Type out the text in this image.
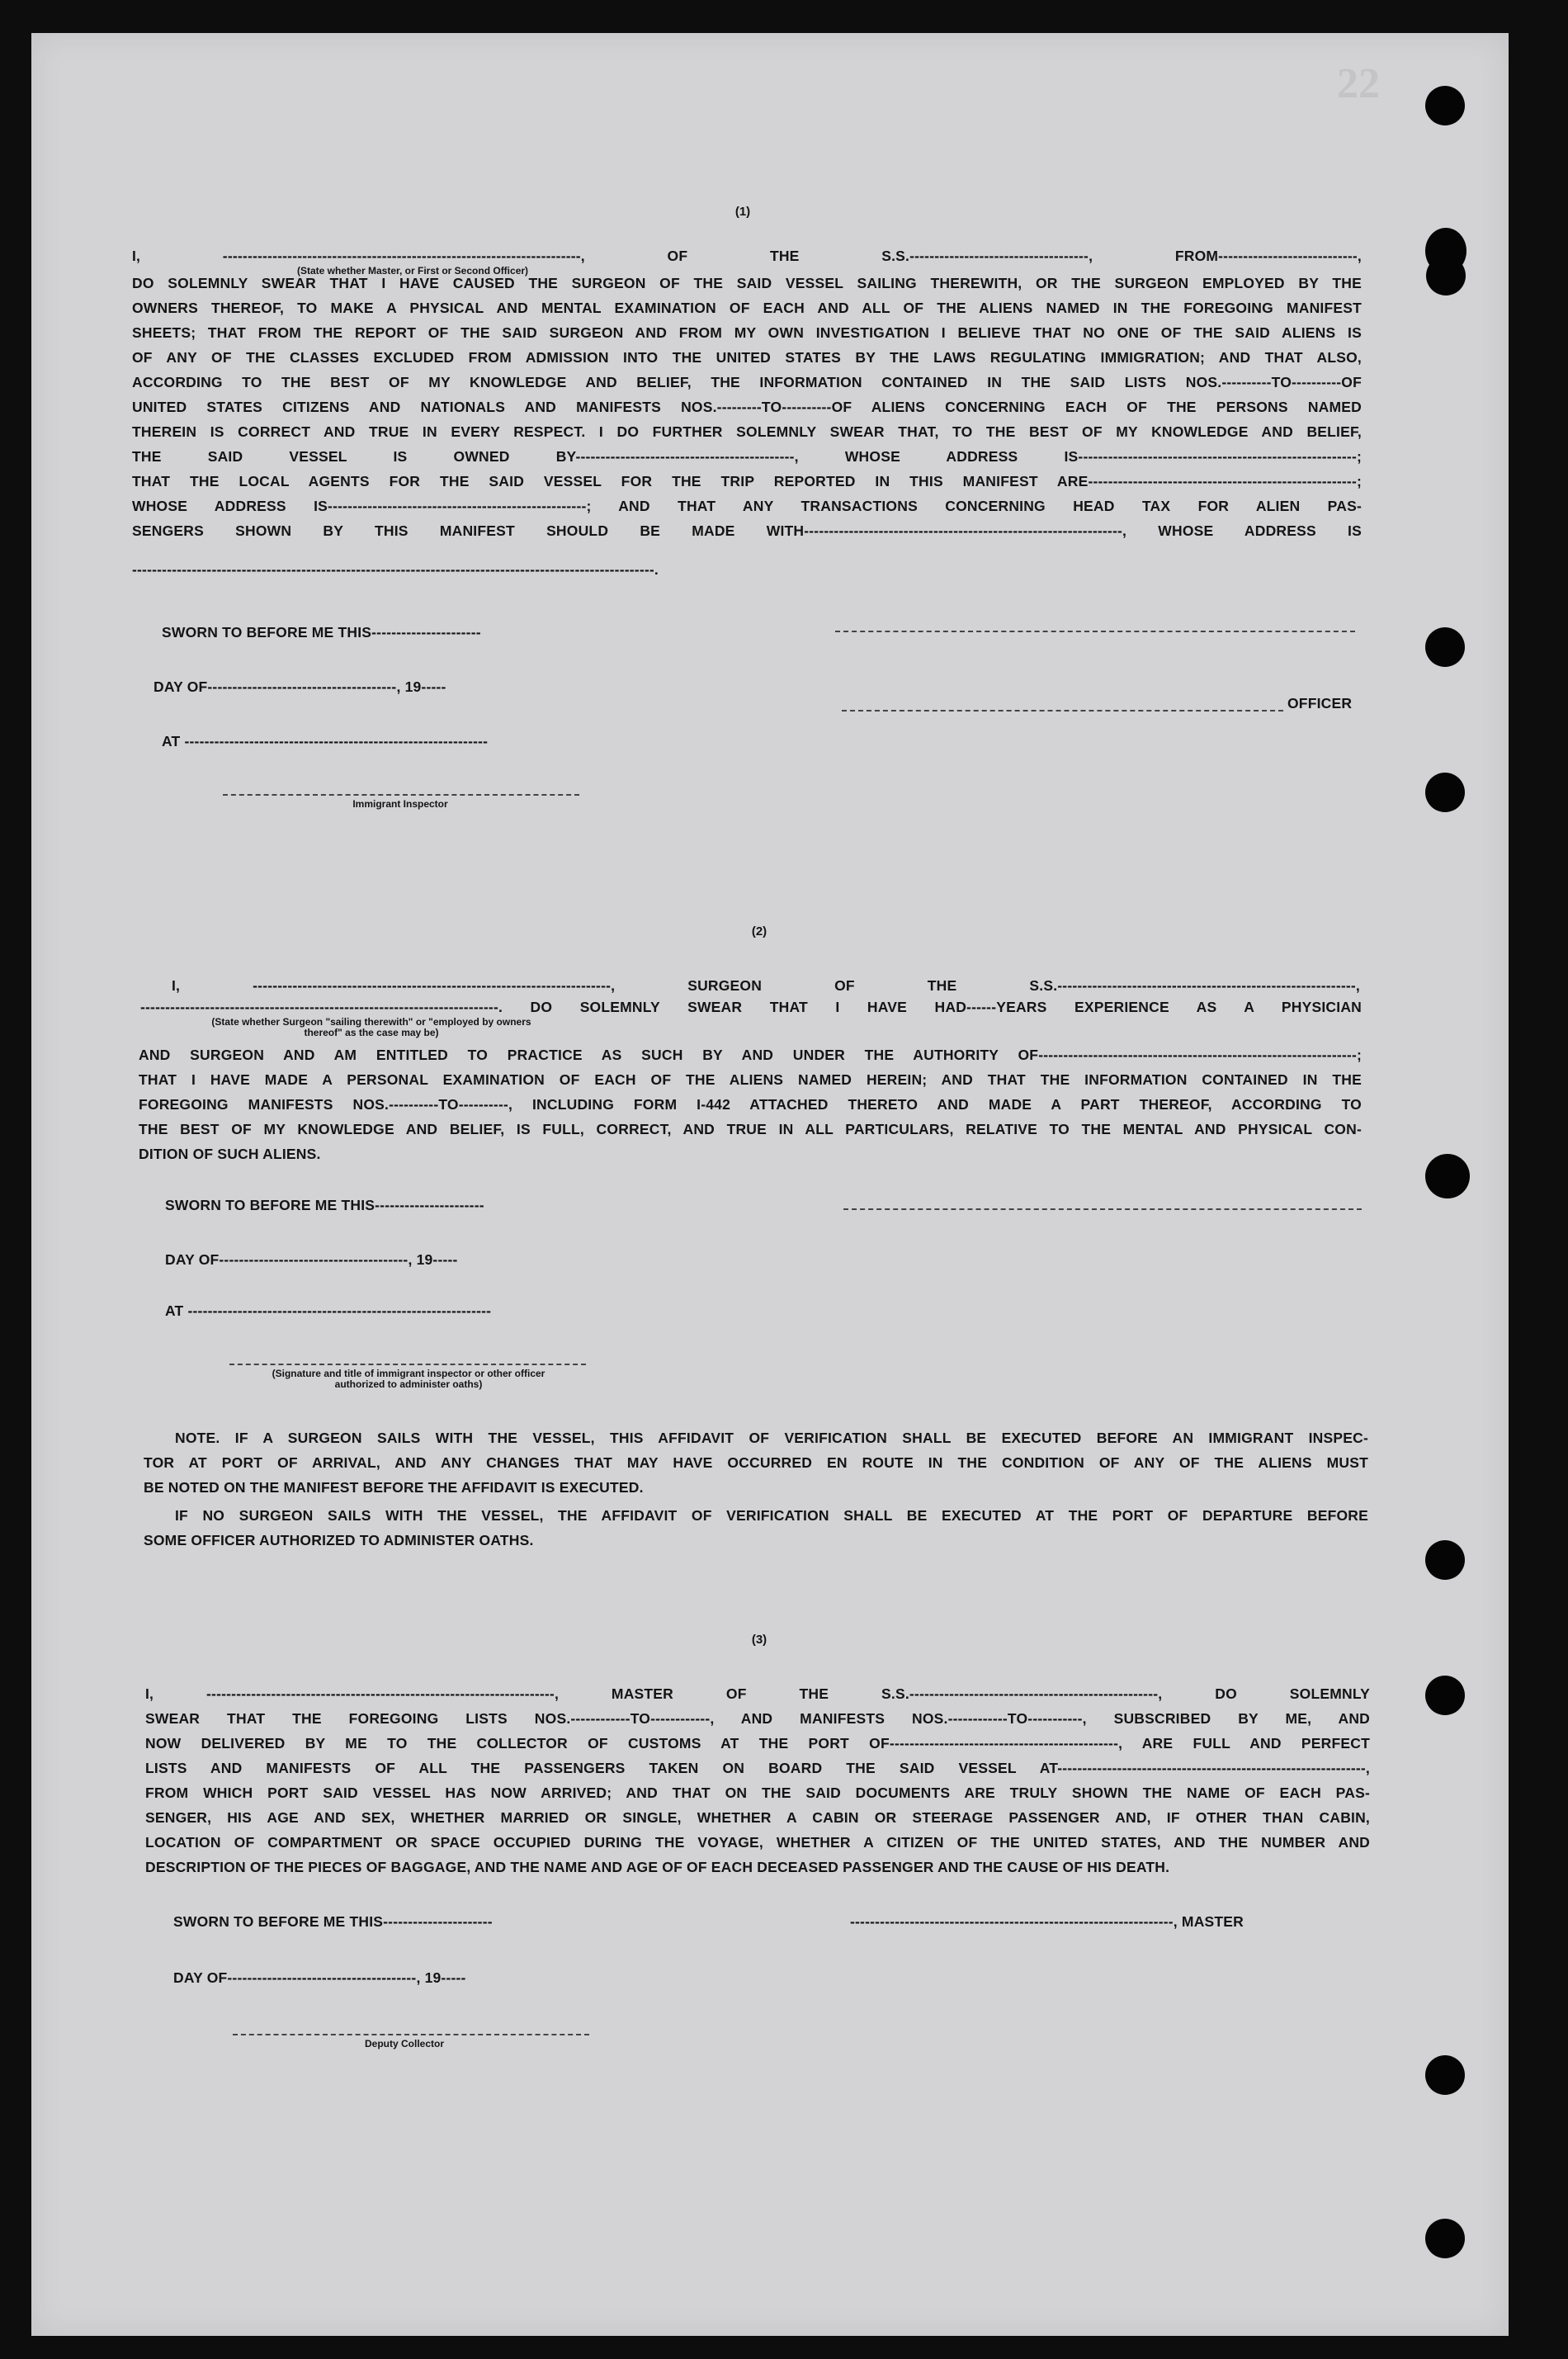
22
(1)
I, ------------------------------------------------------------------------, OF THE S.S.------------------------------------, FROM----------------------------,
(State whether Master, or First or Second Officer)
DO SOLEMNLY SWEAR THAT I HAVE CAUSED THE SURGEON OF THE SAID VESSEL SAILING THEREWITH, OR THE SURGEON EMPLOYED BY THE
OWNERS THEREOF, TO MAKE A PHYSICAL AND MENTAL EXAMINATION OF EACH AND ALL OF THE ALIENS NAMED IN THE FOREGOING MANIFEST
SHEETS; THAT FROM THE REPORT OF THE SAID SURGEON AND FROM MY OWN INVESTIGATION I BELIEVE THAT NO ONE OF THE SAID ALIENS IS
OF ANY OF THE CLASSES EXCLUDED FROM ADMISSION INTO THE UNITED STATES BY THE LAWS REGULATING IMMIGRATION; AND THAT ALSO,
ACCORDING TO THE BEST OF MY KNOWLEDGE AND BELIEF, THE INFORMATION CONTAINED IN THE SAID LISTS NOS.----------TO----------OF
UNITED STATES CITIZENS AND NATIONALS AND MANIFESTS NOS.---------TO----------OF ALIENS CONCERNING EACH OF THE PERSONS NAMED
THEREIN IS CORRECT AND TRUE IN EVERY RESPECT. I DO FURTHER SOLEMNLY SWEAR THAT, TO THE BEST OF MY KNOWLEDGE AND BELIEF,
THE SAID VESSEL IS OWNED BY--------------------------------------------, WHOSE ADDRESS IS--------------------------------------------------------;
THAT THE LOCAL AGENTS FOR THE SAID VESSEL FOR THE TRIP REPORTED IN THIS MANIFEST ARE------------------------------------------------------;
WHOSE ADDRESS IS----------------------------------------------------; AND THAT ANY TRANSACTIONS CONCERNING HEAD TAX FOR ALIEN PAS-
SENGERS SHOWN BY THIS MANIFEST SHOULD BE MADE WITH----------------------------------------------------------------, WHOSE ADDRESS IS
---------------------------------------------------------------------------------------------------------.
SWORN TO BEFORE ME THIS----------------------
DAY OF--------------------------------------, 19-----
OFFICER
AT -------------------------------------------------------------
Immigrant Inspector
(2)
I, ------------------------------------------------------------------------, SURGEON OF THE S.S.------------------------------------------------------------,
------------------------------------------------------------------------. DO SOLEMNLY SWEAR THAT I HAVE HAD------YEARS EXPERIENCE AS A PHYSICIAN
(State whether Surgeon "sailing therewith" or "employed by owners thereof" as the case may be)
AND SURGEON AND AM ENTITLED TO PRACTICE AS SUCH BY AND UNDER THE AUTHORITY OF----------------------------------------------------------------;
THAT I HAVE MADE A PERSONAL EXAMINATION OF EACH OF THE ALIENS NAMED HEREIN; AND THAT THE INFORMATION CONTAINED IN THE
FOREGOING MANIFESTS NOS.----------TO----------, INCLUDING FORM I-442 ATTACHED THERETO AND MADE A PART THEREOF, ACCORDING TO
THE BEST OF MY KNOWLEDGE AND BELIEF, IS FULL, CORRECT, AND TRUE IN ALL PARTICULARS, RELATIVE TO THE MENTAL AND PHYSICAL CON-
DITION OF SUCH ALIENS.
SWORN TO BEFORE ME THIS----------------------
DAY OF--------------------------------------, 19-----
AT -------------------------------------------------------------
(Signature and title of immigrant inspector or other officer authorized to administer oaths)
NOTE. IF A SURGEON SAILS WITH THE VESSEL, THIS AFFIDAVIT OF VERIFICATION SHALL BE EXECUTED BEFORE AN IMMIGRANT INSPEC-
TOR AT PORT OF ARRIVAL, AND ANY CHANGES THAT MAY HAVE OCCURRED EN ROUTE IN THE CONDITION OF ANY OF THE ALIENS MUST
BE NOTED ON THE MANIFEST BEFORE THE AFFIDAVIT IS EXECUTED.
IF NO SURGEON SAILS WITH THE VESSEL, THE AFFIDAVIT OF VERIFICATION SHALL BE EXECUTED AT THE PORT OF DEPARTURE BEFORE
SOME OFFICER AUTHORIZED TO ADMINISTER OATHS.
(3)
I, ----------------------------------------------------------------------, MASTER OF THE S.S.--------------------------------------------------, DO SOLEMNLY
SWEAR THAT THE FOREGOING LISTS NOS.------------TO------------, AND MANIFESTS NOS.------------TO-----------, SUBSCRIBED BY ME, AND
NOW DELIVERED BY ME TO THE COLLECTOR OF CUSTOMS AT THE PORT OF----------------------------------------------, ARE FULL AND PERFECT
LISTS AND MANIFESTS OF ALL THE PASSENGERS TAKEN ON BOARD THE SAID VESSEL AT--------------------------------------------------------------,
FROM WHICH PORT SAID VESSEL HAS NOW ARRIVED; AND THAT ON THE SAID DOCUMENTS ARE TRULY SHOWN THE NAME OF EACH PAS-
SENGER, HIS AGE AND SEX, WHETHER MARRIED OR SINGLE, WHETHER A CABIN OR STEERAGE PASSENGER AND, IF OTHER THAN CABIN,
LOCATION OF COMPARTMENT OR SPACE OCCUPIED DURING THE VOYAGE, WHETHER A CITIZEN OF THE UNITED STATES, AND THE NUMBER AND
DESCRIPTION OF THE PIECES OF BAGGAGE, AND THE NAME AND AGE OF OF EACH DECEASED PASSENGER AND THE CAUSE OF HIS DEATH.
SWORN TO BEFORE ME THIS----------------------	-----------------------------------------------------------------, MASTER
DAY OF--------------------------------------, 19-----
Deputy Collector
